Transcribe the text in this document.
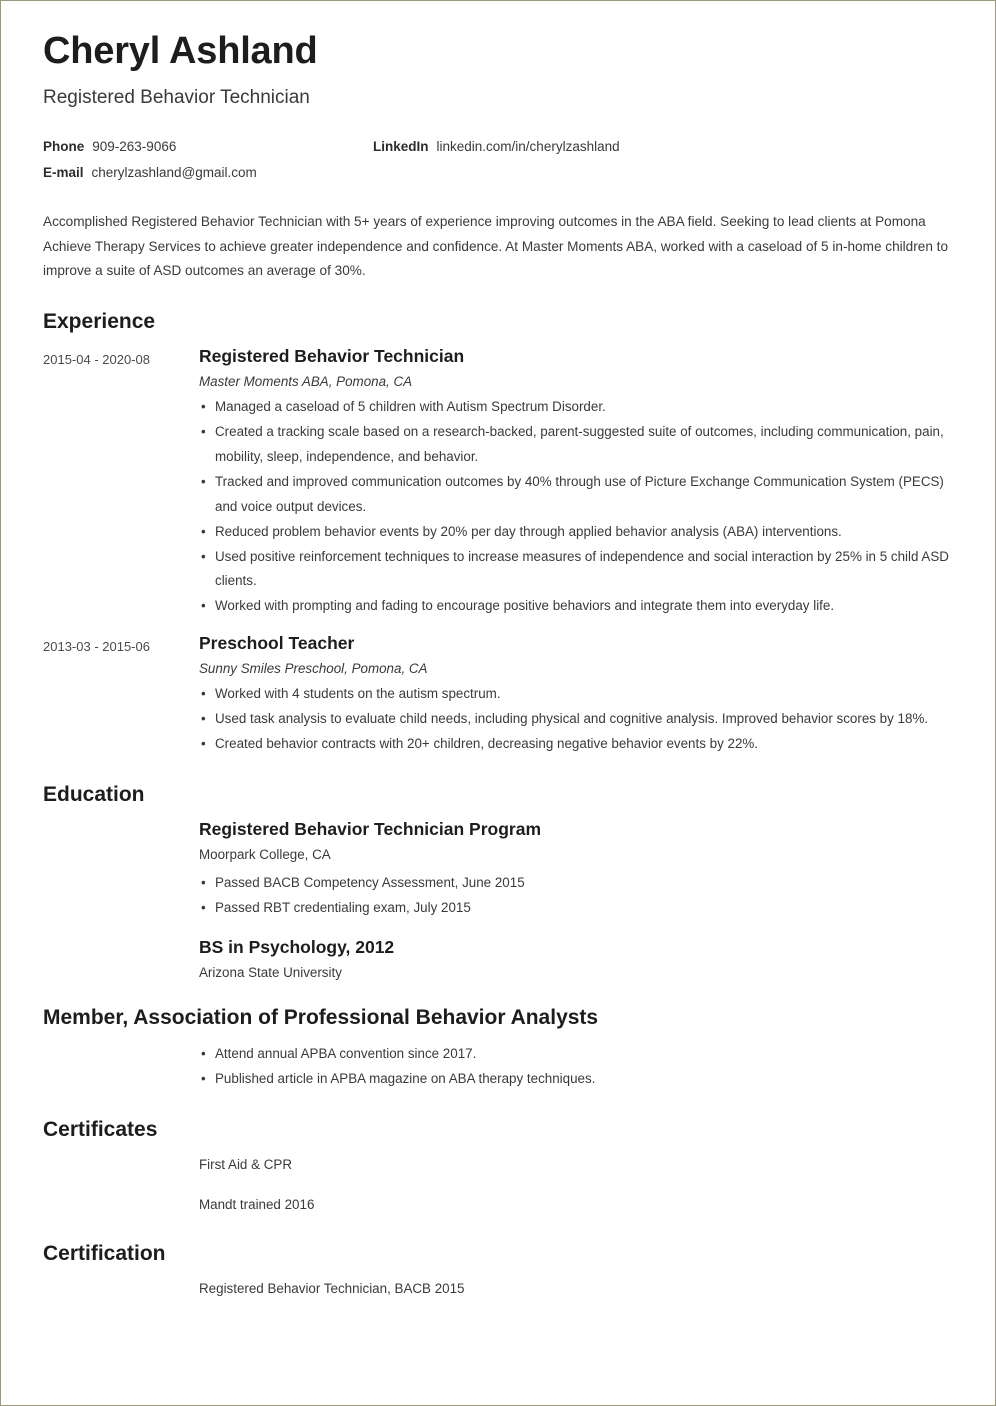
Cheryl Ashland
Registered Behavior Technician
Phone 909-263-9066	LinkedIn linkedin.com/in/cherylzashland
E-mail cherylzashland@gmail.com
Accomplished Registered Behavior Technician with 5+ years of experience improving outcomes in the ABA field. Seeking to lead clients at Pomona Achieve Therapy Services to achieve greater independence and confidence. At Master Moments ABA, worked with a caseload of 5 in-home children to improve a suite of ASD outcomes an average of 30%.
Experience
2015-04 - 2020-08	Registered Behavior Technician
Master Moments ABA, Pomona, CA
• Managed a caseload of 5 children with Autism Spectrum Disorder.
• Created a tracking scale based on a research-backed, parent-suggested suite of outcomes, including communication, pain, mobility, sleep, independence, and behavior.
• Tracked and improved communication outcomes by 40% through use of Picture Exchange Communication System (PECS) and voice output devices.
• Reduced problem behavior events by 20% per day through applied behavior analysis (ABA) interventions.
• Used positive reinforcement techniques to increase measures of independence and social interaction by 25% in 5 child ASD clients.
• Worked with prompting and fading to encourage positive behaviors and integrate them into everyday life.
2013-03 - 2015-06	Preschool Teacher
Sunny Smiles Preschool, Pomona, CA
• Worked with 4 students on the autism spectrum.
• Used task analysis to evaluate child needs, including physical and cognitive analysis. Improved behavior scores by 18%.
• Created behavior contracts with 20+ children, decreasing negative behavior events by 22%.
Education
Registered Behavior Technician Program
Moorpark College, CA
• Passed BACB Competency Assessment, June 2015
• Passed RBT credentialing exam, July 2015
BS in Psychology, 2012
Arizona State University
Member, Association of Professional Behavior Analysts
• Attend annual APBA convention since 2017.
• Published article in APBA magazine on ABA therapy techniques.
Certificates
First Aid & CPR
Mandt trained 2016
Certification
Registered Behavior Technician, BACB 2015
